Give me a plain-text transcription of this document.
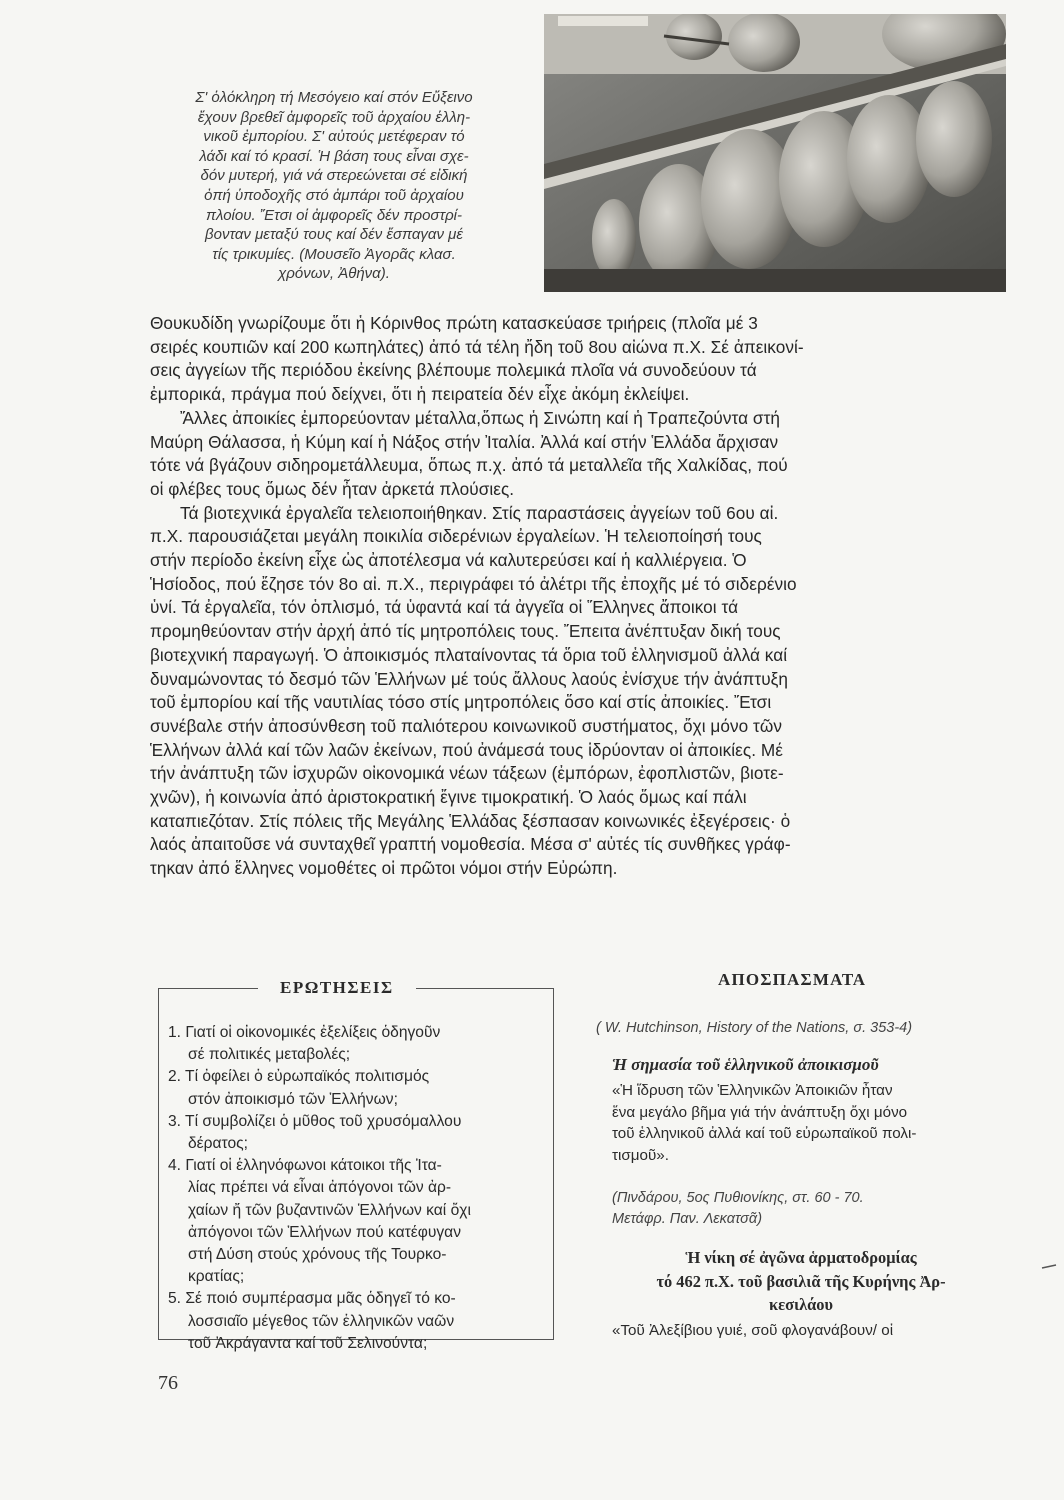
Σ' ὁλόκληρη τή Μεσόγειο καί στόν Εὔξεινο
ἔχουν βρεθεῖ ἀμφορεῖς τοῦ ἀρχαίου ἑλλη-
νικοῦ ἐμπορίου. Σ' αὐτούς μετέφεραν τό
λάδι καί τό κρασί. Ἡ βάση τους εἶναι σχε-
δόν μυτερή, γιά νά στερεώνεται σέ εἰδική
ὀπή ὑποδοχῆς στό ἀμπάρι τοῦ ἀρχαίου
πλοίου. Ἔτσι οἱ ἀμφορεῖς δέν προστρί-
βονταν μεταξύ τους καί δέν ἔσπαγαν μέ
τίς τρικυμίες. (Μουσεῖο Ἀγορᾶς κλασ.
χρόνων, Ἀθήνα).
Θουκυδίδη γνωρίζουμε ὅτι ἡ Κόρινθος πρώτη κατασκεύασε τριήρεις (πλοῖα μέ 3
σειρές κουπιῶν καί 200 κωπηλάτες) ἀπό τά τέλη ἤδη τοῦ 8ου αἰώνα π.Χ. Σέ ἀπεικονί-
σεις ἀγγείων τῆς περιόδου ἐκείνης βλέπουμε πολεμικά πλοῖα νά συνοδεύουν τά
ἐμπορικά, πράγμα πού δείχνει, ὅτι ἡ πειρατεία δέν εἶχε ἀκόμη ἐκλείψει.
Ἄλλες ἀποικίες ἐμπορεύονταν μέταλλα,ὅπως ἡ Σινώπη καί ἡ Τραπεζούντα στή
Μαύρη Θάλασσα, ἡ Κύμη καί ἡ Νάξος στήν Ἰταλία. Ἀλλά καί στήν Ἑλλάδα ἄρχισαν
τότε νά βγάζουν σιδηρομετάλλευμα, ὅπως π.χ. ἀπό τά μεταλλεῖα τῆς Χαλκίδας, πού
οἱ φλέβες τους ὅμως δέν ἦταν ἀρκετά πλούσιες.
Τά βιοτεχνικά ἐργαλεῖα τελειοποιήθηκαν. Στίς παραστάσεις ἀγγείων τοῦ 6ου αἰ.
π.Χ. παρουσιάζεται μεγάλη ποικιλία σιδερένιων ἐργαλείων. Ἡ τελειοποίησή τους
στήν περίοδο ἐκείνη εἶχε ὡς ἀποτέλεσμα νά καλυτερεύσει καί ἡ καλλιέργεια. Ὁ
Ἡσίοδος, πού ἔζησε τόν 8ο αἰ. π.Χ., περιγράφει τό ἀλέτρι τῆς ἐποχῆς μέ τό σιδερένιο
ὑνί. Τά ἐργαλεῖα, τόν ὁπλισμό, τά ὑφαντά καί τά ἀγγεῖα οἱ Ἕλληνες ἄποικοι τά
προμηθεύονταν στήν ἀρχή ἀπό τίς μητροπόλεις τους. Ἔπειτα ἀνέπτυξαν δική τους
βιοτεχνική παραγωγή. Ὁ ἀποικισμός πλαταίνοντας τά ὅρια τοῦ ἑλληνισμοῦ ἀλλά καί
δυναμώνοντας τό δεσμό τῶν Ἑλλήνων μέ τούς ἄλλους λαούς ἐνίσχυε τήν ἀνάπτυξη
τοῦ ἐμπορίου καί τῆς ναυτιλίας τόσο στίς μητροπόλεις ὅσο καί στίς ἀποικίες. Ἔτσι
συνέβαλε στήν ἀποσύνθεση τοῦ παλιότερου κοινωνικοῦ συστήματος, ὄχι μόνο τῶν
Ἑλλήνων ἀλλά καί τῶν λαῶν ἐκείνων, πού ἀνάμεσά τους ἱδρύονταν οἱ ἀποικίες. Μέ
τήν ἀνάπτυξη τῶν ἰσχυρῶν οἰκονομικά νέων τάξεων (ἐμπόρων, ἐφοπλιστῶν, βιοτε-
χνῶν), ἡ κοινωνία ἀπό ἀριστοκρατική ἔγινε τιμοκρατική. Ὁ λαός ὅμως καί πάλι
καταπιεζόταν. Στίς πόλεις τῆς Μεγάλης Ἑλλάδας ξέσπασαν κοινωνικές ἐξεγέρσεις· ὁ
λαός ἀπαιτοῦσε νά συνταχθεῖ γραπτή νομοθεσία. Μέσα σ' αὐτές τίς συνθῆκες γράφ-
τηκαν ἀπό ἕλληνες νομοθέτες οἱ πρῶτοι νόμοι στήν Εὐρώπη.
ΕΡΩΤΗΣΕΙΣ
1. Γιατί οἱ οἰκονομικές ἐξελίξεις ὁδηγοῦν
σέ πολιτικές μεταβολές;
2. Τί ὀφείλει ὁ εὐρωπαϊκός πολιτισμός
στόν ἀποικισμό τῶν Ἑλλήνων;
3. Τί συμβολίζει ὁ μῦθος τοῦ χρυσόμαλλου
δέρατος;
4. Γιατί οἱ ἑλληνόφωνοι κάτοικοι τῆς Ἰτα-
λίας πρέπει νά εἶναι ἀπόγονοι τῶν ἀρ-
χαίων ἤ τῶν βυζαντινῶν Ἑλλήνων καί ὄχι
ἀπόγονοι τῶν Ἑλλήνων πού κατέφυγαν
στή Δύση στούς χρόνους τῆς Τουρκο-
κρατίας;
5. Σέ ποιό συμπέρασμα μᾶς ὁδηγεῖ τό κο-
λοσσιαῖο μέγεθος τῶν ἑλληνικῶν ναῶν
τοῦ Ἀκράγαντα καί τοῦ Σελινούντα;
ΑΠΟΣΠΑΣΜΑΤΑ
( W. Hutchinson, History of the Nations, σ. 353-4)
Ἡ σημασία τοῦ ἑλληνικοῦ ἀποικισμοῦ
«Ἡ ἵδρυση τῶν Ἑλληνικῶν Ἀποικιῶν ἦταν
ἕνα μεγάλο βῆμα γιά τήν ἀνάπτυξη ὄχι μόνο
τοῦ ἑλληνικοῦ ἀλλά καί τοῦ εὐρωπαϊκοῦ πολι-
τισμοῦ».
(Πινδάρου, 5ος Πυθιονίκης, στ. 60 - 70.
Μετάφρ. Παν. Λεκατσᾶ)
Ἡ νίκη σέ ἀγῶνα ἁρματοδρομίας
τό 462 π.Χ. τοῦ βασιλιᾶ τῆς Κυρήνης Ἀρ-
κεσιλάου
«Τοῦ Ἀλεξίβιου γυιέ, σοῦ φλογανάβουν/ οἱ
76
